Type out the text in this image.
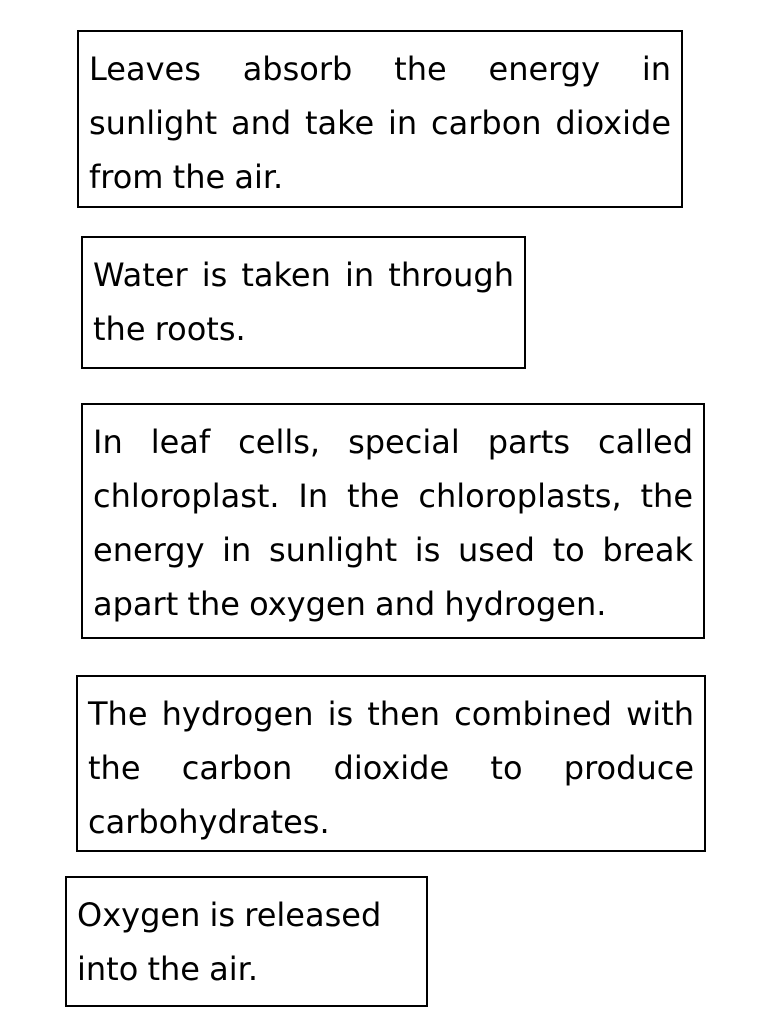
Leaves absorb the energy in sunlight and take in carbon dioxide from the air.
Water is taken in through the roots.
In leaf cells, special parts called chloroplast. In the chloroplasts, the energy in sunlight is used to break apart the oxygen and hydrogen.
The hydrogen is then combined with the carbon dioxide to produce carbohydrates.
Oxygen is released into the air.
